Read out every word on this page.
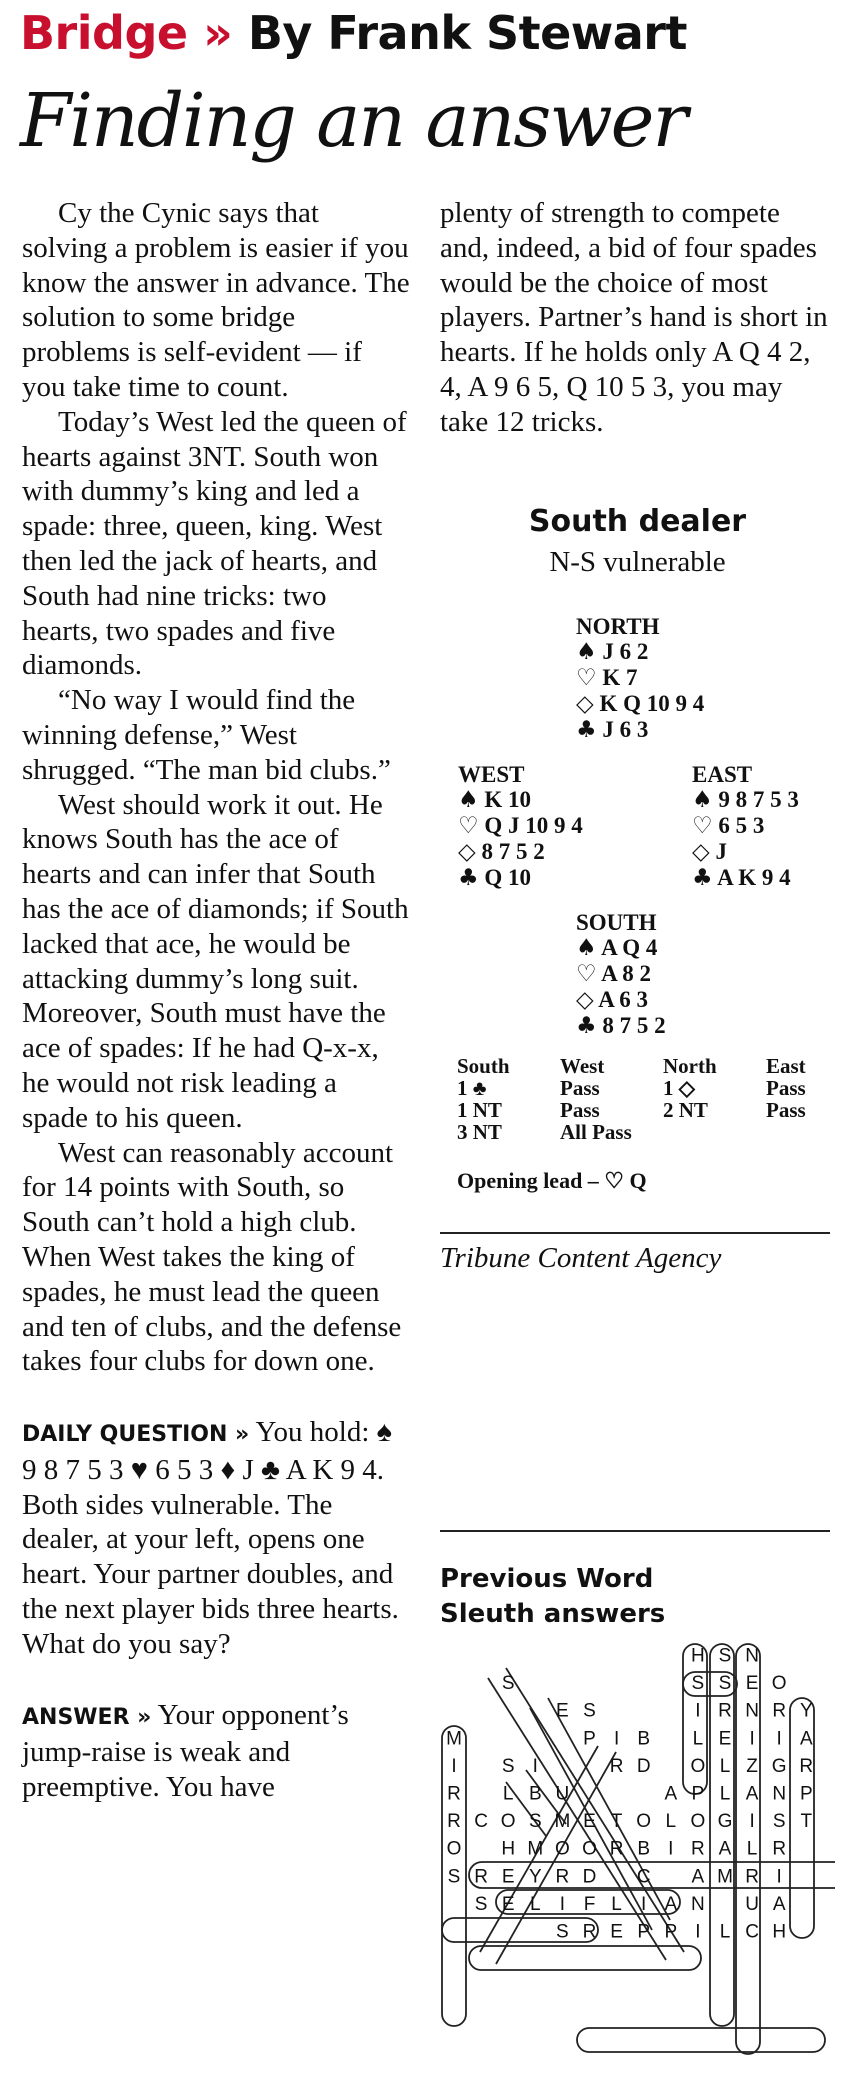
Bridge » By Frank Stewart
Finding an answer

Cy the Cynic says that solving a problem is easier if you know the answer in advance. The solution to some bridge problems is self-evident — if you take time to count.

Today’s West led the queen of hearts against 3NT. South won with dummy’s king and led a spade: three, queen, king. West then led the jack of hearts, and South had nine tricks: two hearts, two spades and five diamonds.

“No way I would find the winning defense,” West shrugged. “The man bid clubs.”

West should work it out. He knows South has the ace of hearts and can infer that South has the ace of diamonds; if South lacked that ace, he would be attacking dummy’s long suit. Moreover, South must have the ace of spades: If he had Q-x-x, he would not risk leading a spade to his queen.

West can reasonably account for 14 points with South, so South can’t hold a high club. When West takes the king of spades, he must lead the queen and ten of clubs, and the defense takes four clubs for down one.

DAILY QUESTION » You hold: ♠ 9 8 7 5 3 ♥ 6 5 3 ♦ J ♣ A K 9 4. Both sides vulnerable. The dealer, at your left, opens one heart. Your partner doubles, and the next player bids three hearts. What do you say?

ANSWER » Your opponent’s jump-raise is weak and preemptive. You have

plenty of strength to compete and, indeed, a bid of four spades would be the choice of most players. Partner’s hand is short in hearts. If he holds only A Q 4 2, 4, A 9 6 5, Q 10 5 3, you may take 12 tricks.

South dealer
N-S vulnerable
NORTH
♠ J 6 2
♡ K 7
◇ K Q 10 9 4
♣ J 6 3
WEST
♠ K 10
♡ Q J 10 9 4
◇ 8 7 5 2
♣ Q 10
EAST
♠ 9 8 7 5 3
♡ 6 5 3
◇ J
♣ A K 9 4
SOUTH
♠ A Q 4
♡ A 8 2
◇ A 6 3
♣ 8 7 5 2
South	West	North	East
1 ♣	Pass	1 ◇	Pass
1 NT	Pass	2 NT	Pass
3 NT	All Pass
Opening lead – ♡ Q
Tribune Content Agency
Previous Word
Sleuth answers
H S N
S	S S E O
E S	I R N R Y
M	P I B L E I I A
I S I	R D O L Z G R
R L B U	A P L A N P
R C O S M E T O L O G I S T
O H M O O R B I R A L R
S R E Y R D C A M R I
S E L I F L I A N U A
S R E P P I L C H
